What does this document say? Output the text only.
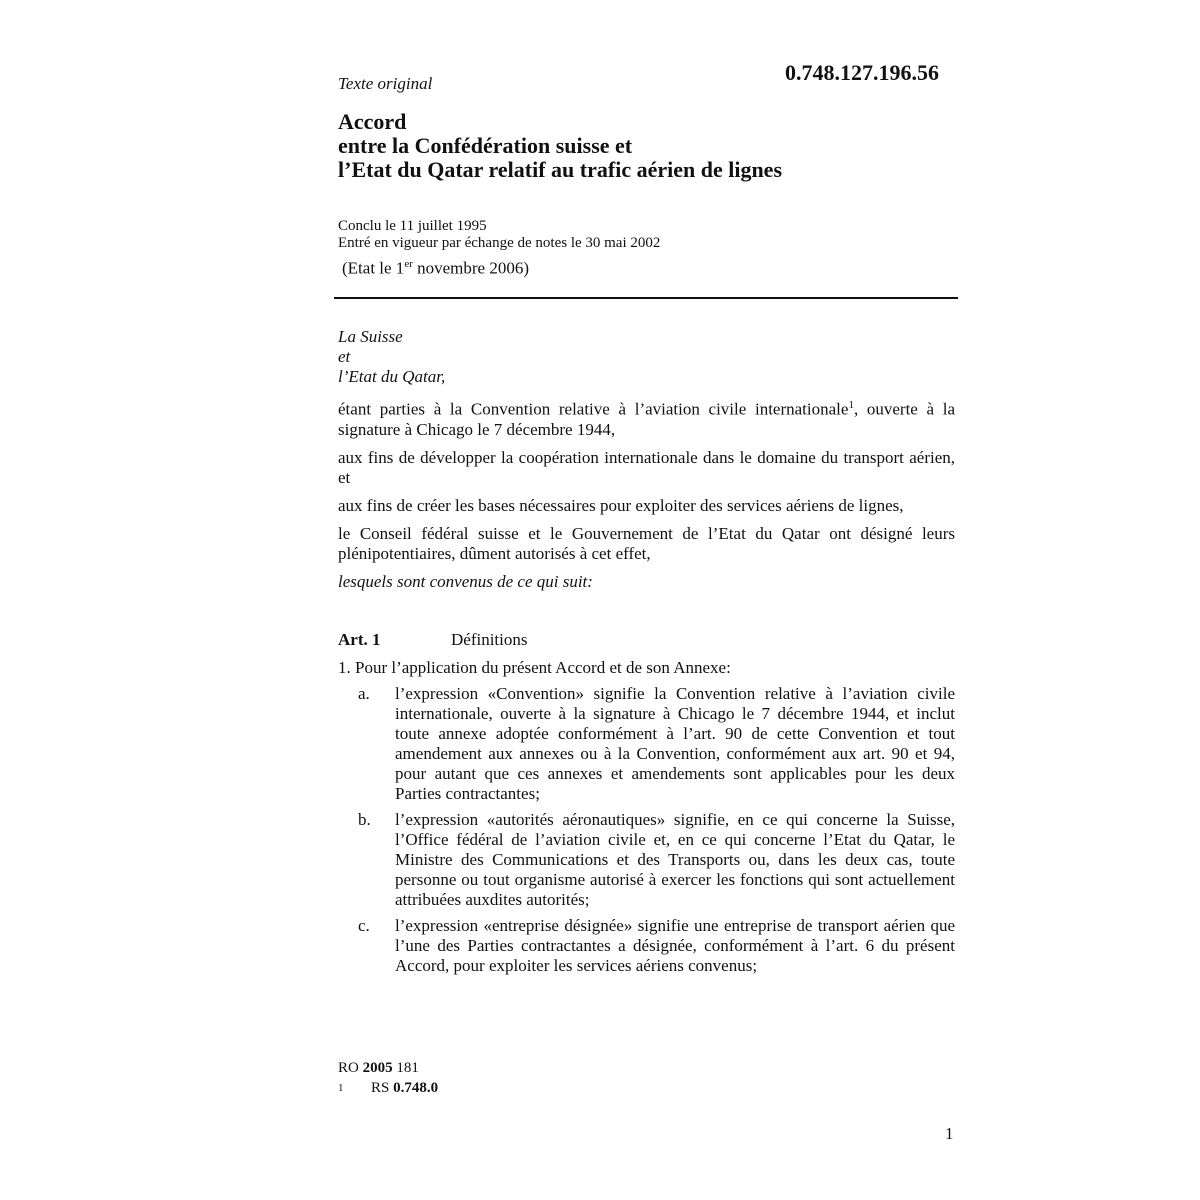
Texte original	0.748.127.196.56
Accord
entre la Confédération suisse et
l’Etat du Qatar relatif au trafic aérien de lignes
Conclu le 11 juillet 1995
Entré en vigueur par échange de notes le 30 mai 2002
(Etat le 1er novembre 2006)

La Suisse

et

l’Etat du Qatar,

étant parties à la Convention relative à l’aviation civile internationale$^1$, ouverte à la signature à Chicago le 7 décembre 1944,

aux fins de développer la coopération internationale dans le domaine du transport aérien, et

aux fins de créer les bases nécessaires pour exploiter des services aériens de lignes,

le Conseil fédéral suisse et le Gouvernement de l’Etat du Qatar ont désigné leurs plénipotentiaires, dûment autorisés à cet effet,

lesquels sont convenus de ce qui suit:

Art. 1	Définitions

1. Pour l’application du présent Accord et de son Annexe:

a.	l’expression «Convention» signifie la Convention relative à l’aviation civile internationale, ouverte à la signature à Chicago le 7 décembre 1944, et inclut toute annexe adoptée conformément à l’art. 90 de cette Convention et tout amendement aux annexes ou à la Convention, conformément aux art. 90 et 94, pour autant que ces annexes et amendements sont applicables pour les deux Parties contractantes;
b.	l’expression «autorités aéronautiques» signifie, en ce qui concerne la Suisse, l’Office fédéral de l’aviation civile et, en ce qui concerne l’Etat du Qatar, le Ministre des Communications et des Transports ou, dans les deux cas, toute personne ou tout organisme autorisé à exercer les fonctions qui sont actuellement attribuées auxdites autorités;
c.	l’expression «entreprise désignée» signifie une entreprise de transport aérien que l’une des Parties contractantes a désignée, conformément à l’art. 6 du présent Accord, pour exploiter les services aériens convenus;
RO 2005 181
1 RS 0.748.0
1
